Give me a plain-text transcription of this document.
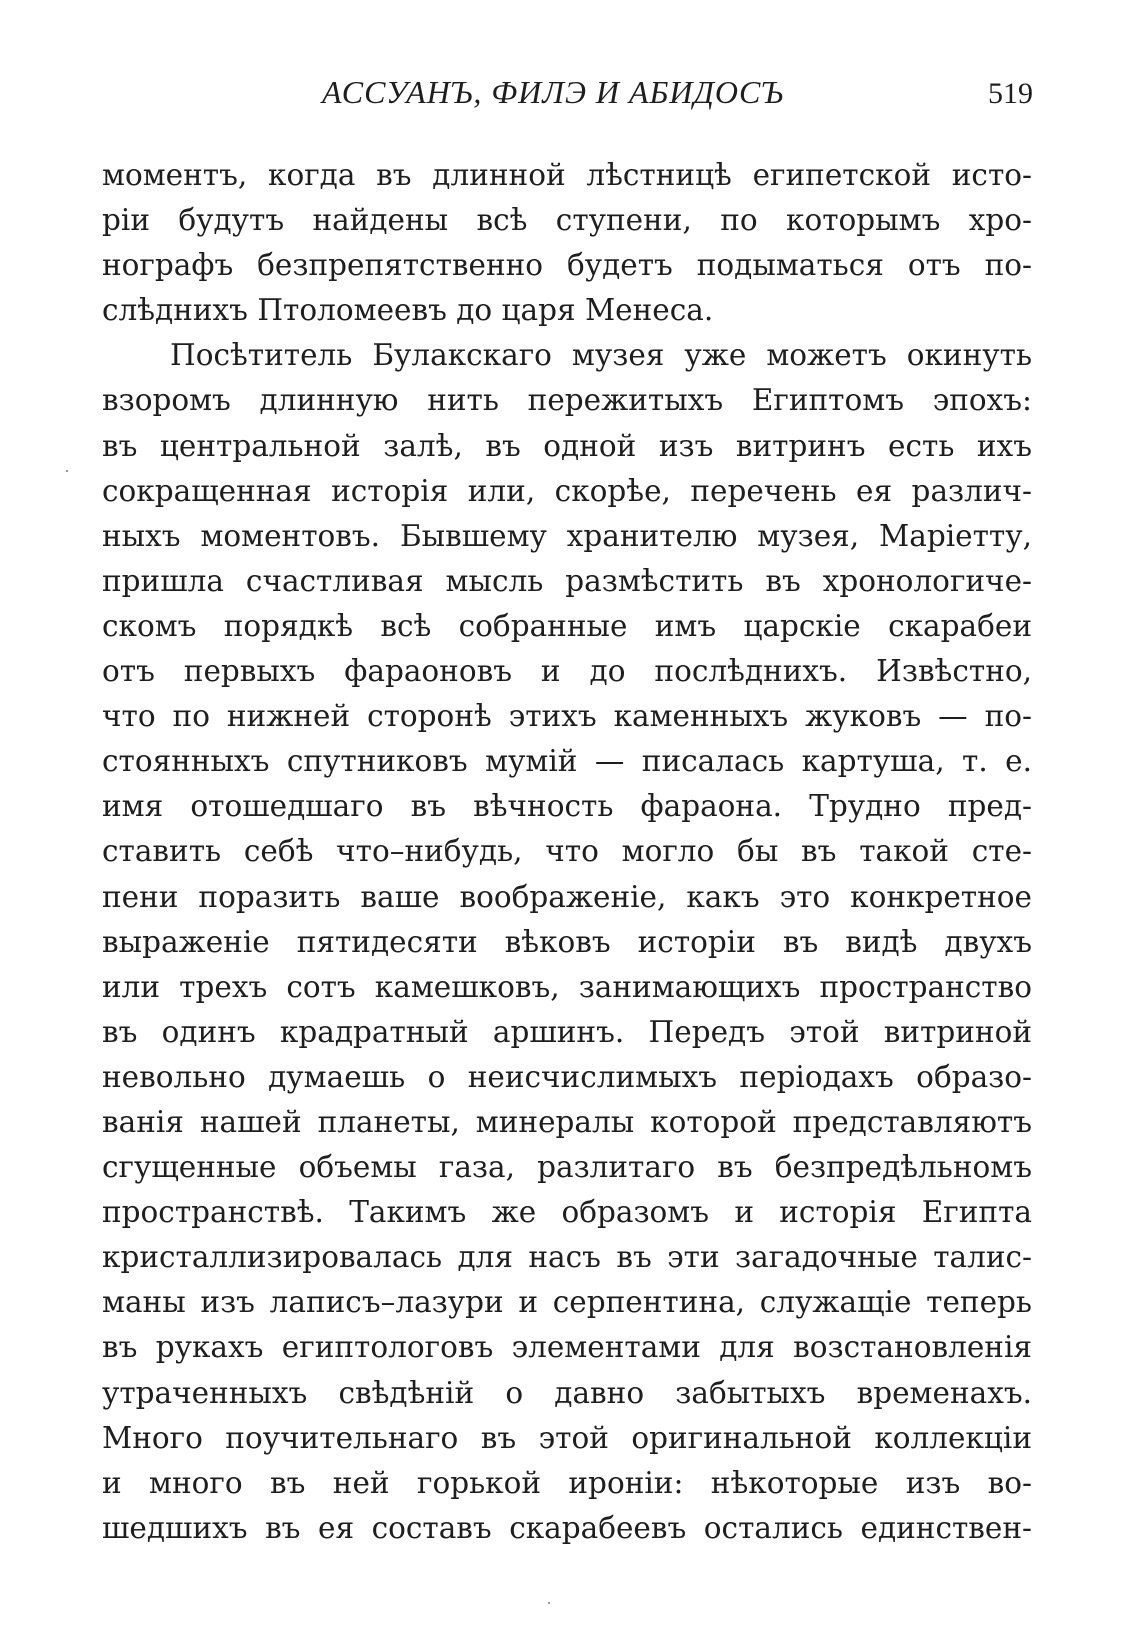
АССУАНЪ, ФИЛЭ И АБИДОСЪ	519
моментъ, когда въ длинной лѣстницѣ египетской исто-
рiи будутъ найдены всѣ ступени, по которымъ хро-
нографъ безпрепятственно будетъ подыматься отъ по-
слѣднихъ Птоломеевъ до царя Менеса.
Посѣтитель Булакскаго музея уже можетъ окинуть
взоромъ длинную нить пережитыхъ Египтомъ эпохъ:
въ центральной залѣ, въ одной изъ витринъ есть ихъ
сокращенная исторiя или, скорѣе, перечень ея различ-
ныхъ моментовъ. Бывшему хранителю музея, Марiетту,
пришла счастливая мысль размѣстить въ хронологиче-
скомъ порядкѣ всѣ собранные имъ царскiе скарабеи
отъ первыхъ фараоновъ и до послѣднихъ. Извѣстно,
что по нижней сторонѣ этихъ каменныхъ жуковъ — по-
стоянныхъ спутниковъ мумiй — писалась картуша, т. е.
имя отошедшаго въ вѣчность фараона. Трудно пред-
ставить себѣ что–нибудь, что могло бы въ такой сте-
пени поразить ваше воображенiе, какъ это конкретное
выраженiе пятидесяти вѣковъ исторiи въ видѣ двухъ
или трехъ сотъ камешковъ, занимающихъ пространство
въ одинъ крадратный аршинъ. Передъ этой витриной
невольно думаешь о неисчислимыхъ перiодахъ образо-
ванiя нашей планеты, минералы которой представляютъ
сгущенные объемы газа, разлитаго въ безпредѣльномъ
пространствѣ. Такимъ же образомъ и исторiя Египта
кристаллизировалась для насъ въ эти загадочные талис-
маны изъ лаписъ–лазури и серпентина, служащiе теперь
въ рукахъ египтологовъ элементами для возстановленiя
утраченныхъ свѣдѣнiй о давно забытыхъ временахъ.
Много поучительнаго въ этой оригинальной коллекцiи
и много въ ней горькой иронiи: нѣкоторые изъ во-
шедшихъ въ ея составъ скарабеевъ остались единствен-
